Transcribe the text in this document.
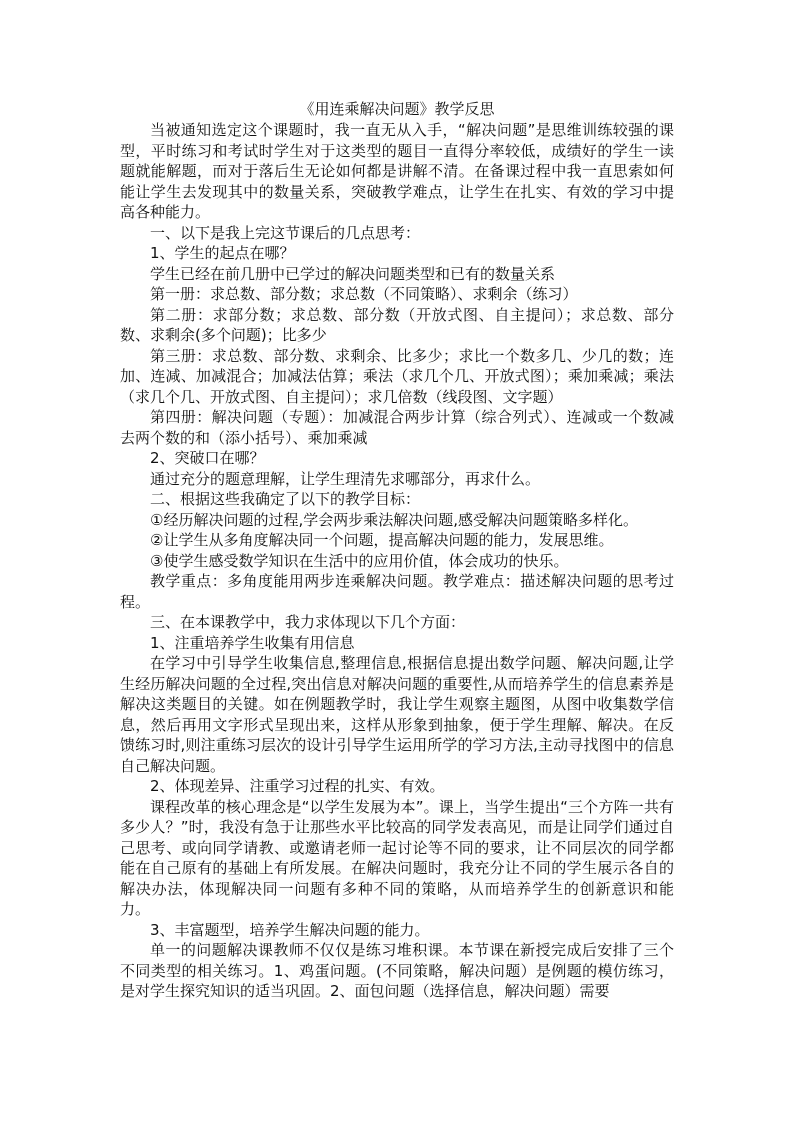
《用连乘解决问题》教学反思

当被通知选定这个课题时，我一直无从入手，“解决问题”是思维训练较强的课型，平时练习和考试时学生对于这类型的题目一直得分率较低，成绩好的学生一读题就能解题，而对于落后生无论如何都是讲解不清。在备课过程中我一直思索如何能让学生去发现其中的数量关系，突破教学难点，让学生在扎实、有效的学习中提高各种能力。

一、以下是我上完这节课后的几点思考：

1、学生的起点在哪？

学生已经在前几册中已学过的解决问题类型和已有的数量关系

第一册：求总数、部分数；求总数（不同策略）、求剩余（练习）

第二册：求部分数；求总数、部分数（开放式图、自主提问）；求总数、部分数、求剩余(多个问题)；比多少

第三册：求总数、部分数、求剩余、比多少；求比一个数多几、少几的数；连加、连减、加减混合；加减法估算；乘法（求几个几、开放式图）；乘加乘减；乘法（求几个几、开放式图、自主提问）；求几倍数（线段图、文字题）

第四册：解决问题（专题）：加减混合两步计算（综合列式）、连减或一个数减去两个数的和（添小括号）、乘加乘减

2、突破口在哪？

通过充分的题意理解，让学生理清先求哪部分，再求什么。

二、根据这些我确定了以下的教学目标：

①经历解决问题的过程,学会两步乘法解决问题,感受解决问题策略多样化。

②让学生从多角度解决同一个问题，提高解决问题的能力，发展思维。

③使学生感受数学知识在生活中的应用价值，体会成功的快乐。

教学重点：多角度能用两步连乘解决问题。教学难点：描述解决问题的思考过程。

三、在本课教学中，我力求体现以下几个方面：

1、注重培养学生收集有用信息

在学习中引导学生收集信息,整理信息,根据信息提出数学问题、解决问题,让学生经历解决问题的全过程,突出信息对解决问题的重要性,从而培养学生的信息素养是解决这类题目的关键。如在例题教学时，我让学生观察主题图，从图中收集数学信息，然后再用文字形式呈现出来，这样从形象到抽象，便于学生理解、解决。在反馈练习时,则注重练习层次的设计引导学生运用所学的学习方法,主动寻找图中的信息自己解决问题。

2、体现差异、注重学习过程的扎实、有效。

课程改革的核心理念是“以学生发展为本”。课上，当学生提出“三个方阵一共有多少人？”时，我没有急于让那些水平比较高的同学发表高见，而是让同学们通过自己思考、或向同学请教、或邀请老师一起讨论等不同的要求，让不同层次的同学都能在自己原有的基础上有所发展。在解决问题时，我充分让不同的学生展示各自的解决办法，体现解决同一问题有多种不同的策略，从而培养学生的创新意识和能力。

3、丰富题型，培养学生解决问题的能力。

单一的问题解决课教师不仅仅是练习堆积课。本节课在新授完成后安排了三个不同类型的相关练习。1、鸡蛋问题。(不同策略，解决问题）是例题的模仿练习，是对学生探究知识的适当巩固。2、面包问题（选择信息，解决问题）需要
